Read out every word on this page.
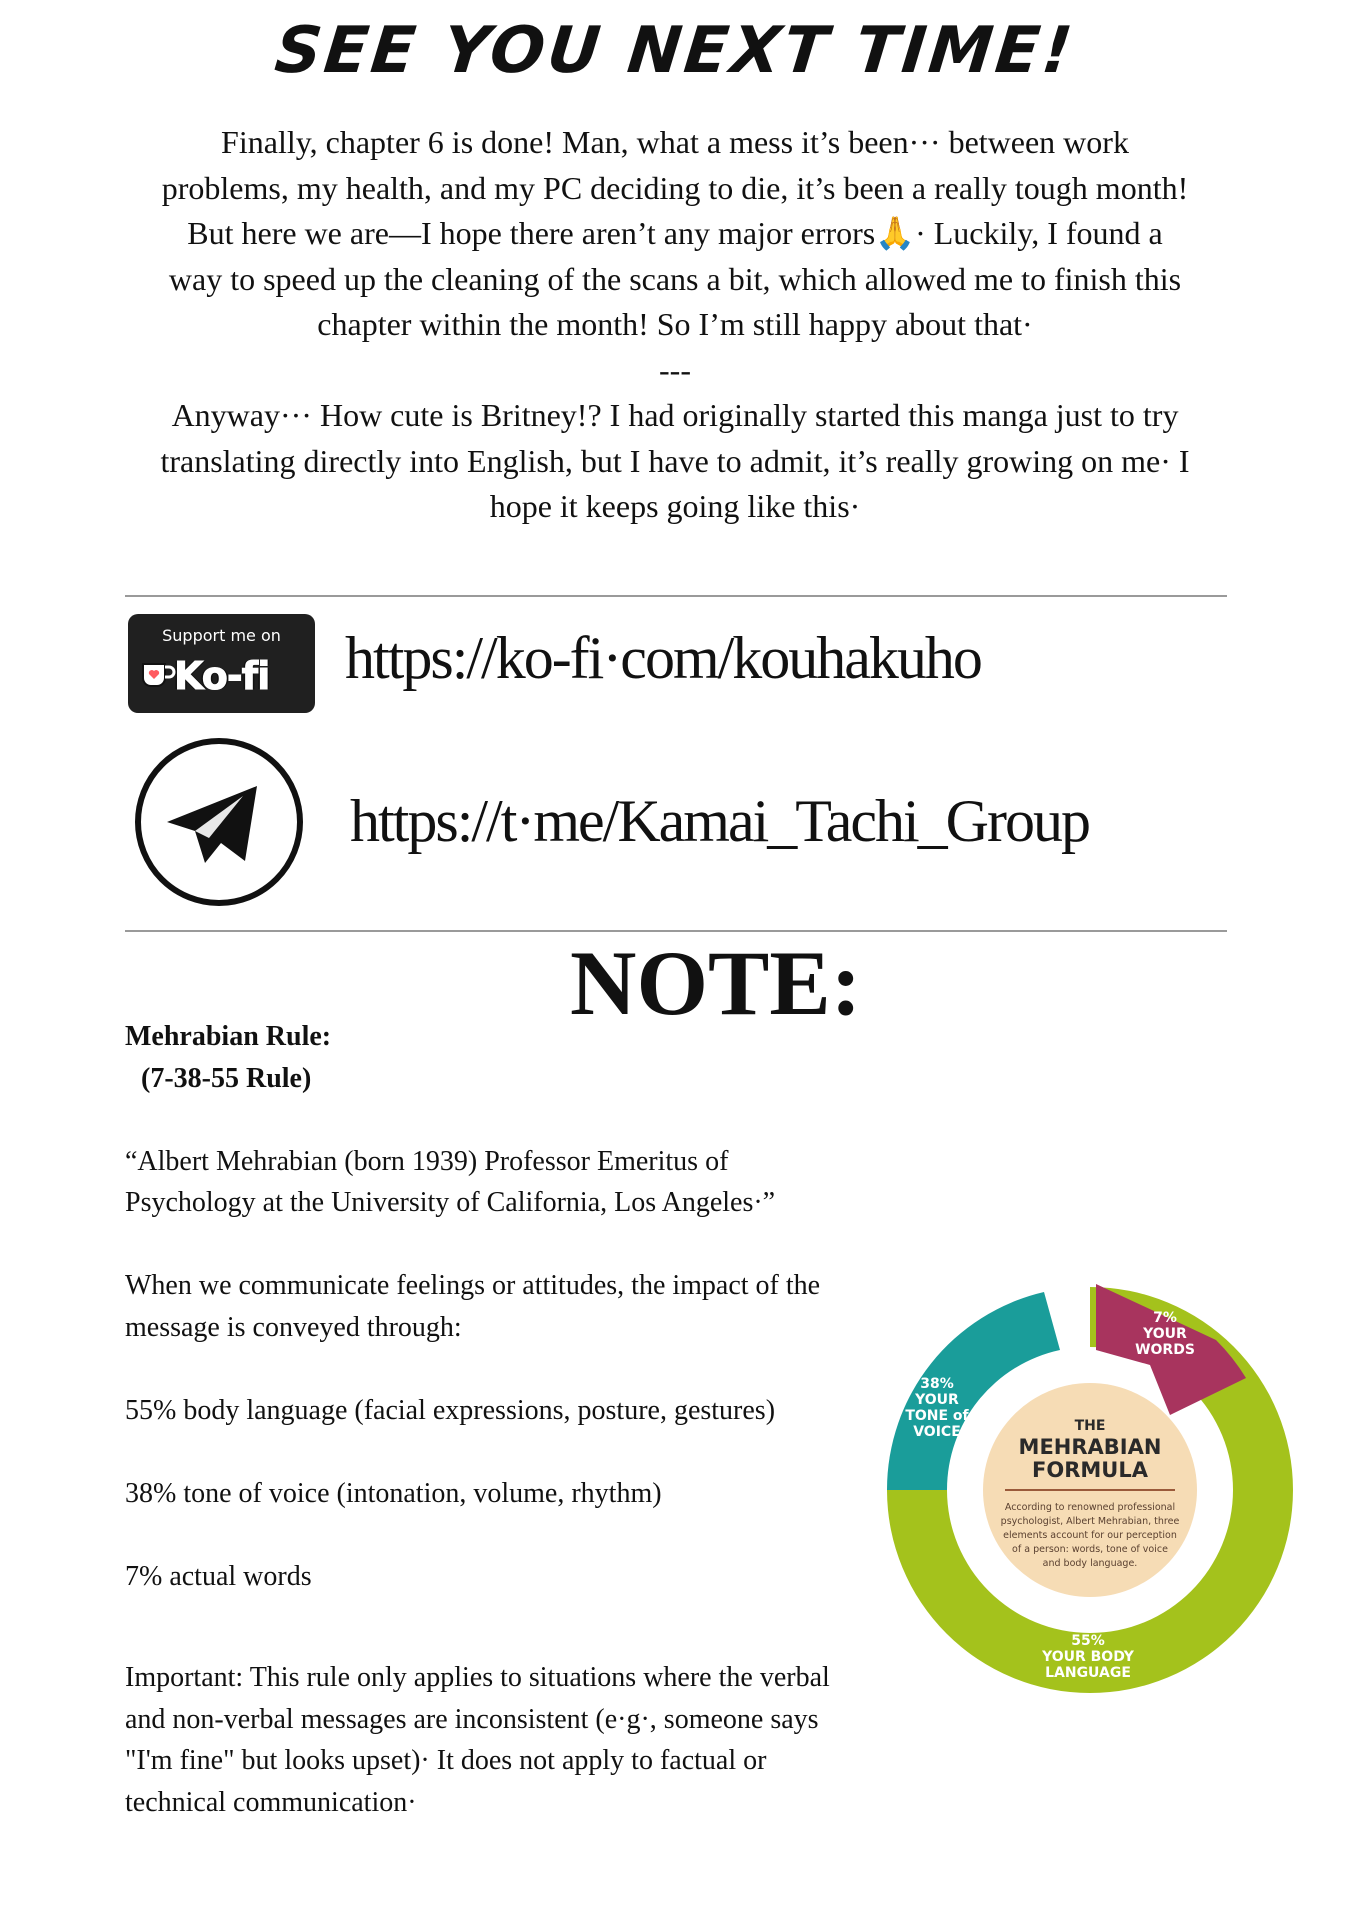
SEE YOU NEXT TIME!

Finally, chapter 6 is done! Man, what a mess it’s been··· between work problems, my health, and my PC deciding to die, it’s been a really tough month! But here we are—I hope there aren’t any major errors🙏· Luckily, I found a way to speed up the cleaning of the scans a bit, which allowed me to finish this chapter within the month! So I’m still happy about that·

---

Anyway··· How cute is Britney!? I had originally started this manga just to try translating directly into English, but I have to admit, it’s really growing on me· I hope it keeps going like this·

Support me on
Ko-fi https://ko-fi·com/kouhakuho
https://t·me/Kamai_Tachi_Group
NOTE:

Mehrabian Rule:

(7-38-55 Rule)

“Albert Mehrabian (born 1939) Professor Emeritus of Psychology at the University of California, Los Angeles·”

When we communicate feelings or attitudes, the impact of the message is conveyed through:

55% body language (facial expressions, posture, gestures)

38% tone of voice (intonation, volume, rhythm)

7% actual words

Important: This rule only applies to situations where the verbal and non-verbal messages are inconsistent (e·g·, someone says "I'm fine" but looks upset)· It does not apply to factual or technical communication·

7%
YOUR
WORDS
38%
YOUR
TONE of
VOICE
55%
YOUR BODY
LANGUAGE
THE
MEHRABIAN
FORMULA
According to renowned professional
psychologist, Albert Mehrabian, three
elements account for our perception
of a person: words, tone of voice
and body language.
